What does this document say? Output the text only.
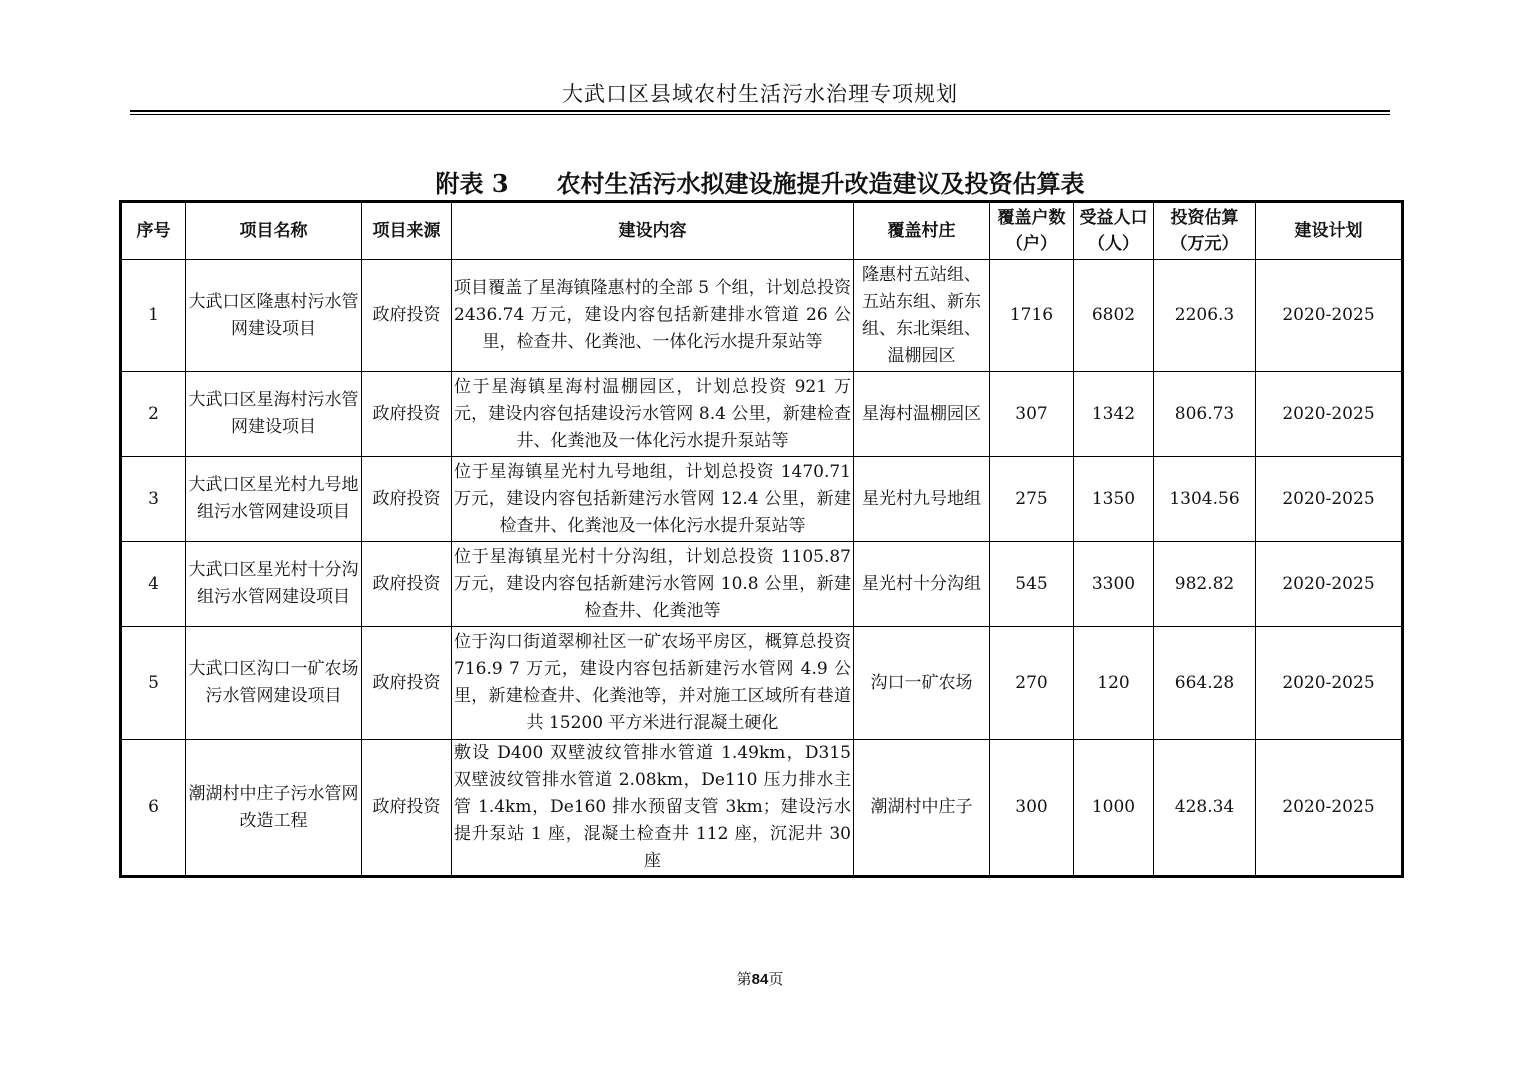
大武口区县域农村生活污水治理专项规划
附表 3 农村生活污水拟建设施提升改造建议及投资估算表
序号	项目名称	项目来源	建设内容	覆盖村庄	覆盖户数（户）	受益人口（人）	投资估算（万元）	建设计划
1	大武口区隆惠村污水管网建设项目	政府投资	项目覆盖了星海镇隆惠村的全部 5 个组，计划总投资 2436.74 万元，建设内容包括新建排水管道 26 公里，检查井、化粪池、一体化污水提升泵站等	隆惠村五站组、五站东组、新东组、东北渠组、温棚园区	1716	6802	2206.3	2020-2025
2	大武口区星海村污水管网建设项目	政府投资	位于星海镇星海村温棚园区，计划总投资 921 万元，建设内容包括建设污水管网 8.4 公里，新建检查井、化粪池及一体化污水提升泵站等	星海村温棚园区	307	1342	806.73	2020-2025
3	大武口区星光村九号地组污水管网建设项目	政府投资	位于星海镇星光村九号地组，计划总投资 1470.71 万元，建设内容包括新建污水管网 12.4 公里，新建检查井、化粪池及一体化污水提升泵站等	星光村九号地组	275	1350	1304.56	2020-2025
4	大武口区星光村十分沟组污水管网建设项目	政府投资	位于星海镇星光村十分沟组，计划总投资 1105.87 万元，建设内容包括新建污水管网 10.8 公里，新建检查井、化粪池等	星光村十分沟组	545	3300	982.82	2020-2025
5	大武口区沟口一矿农场污水管网建设项目	政府投资	位于沟口街道翠柳社区一矿农场平房区，概算总投资 716.9 7 万元，建设内容包括新建污水管网 4.9 公里，新建检查井、化粪池等，并对施工区域所有巷道共 15200 平方米进行混凝土硬化	沟口一矿农场	270	120	664.28	2020-2025
6	潮湖村中庄子污水管网改造工程	政府投资	敷设 D400 双壁波纹管排水管道 1.49km，D315 双壁波纹管排水管道 2.08km，De110 压力排水主管 1.4km，De160 排水预留支管 3km；建设污水提升泵站 1 座，混凝土检查井 112 座，沉泥井 30 座	潮湖村中庄子	300	1000	428.34	2020-2025
第84页
